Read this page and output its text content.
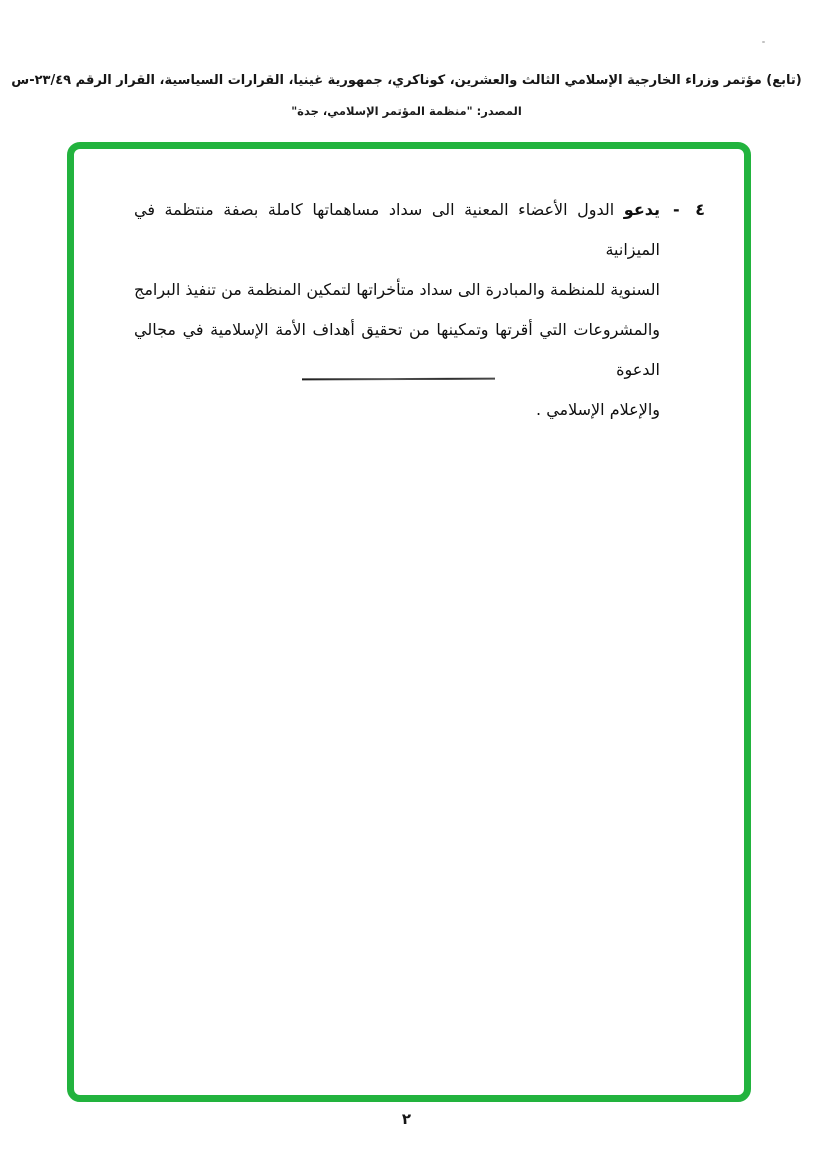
(تابع) مؤتمر وزراء الخارجية الإسلامي الثالث والعشرين، كوناكري، جمهورية غينيا، القرارات السياسية، القرار الرقم ٢٣/٤٩-س
المصدر: "منظمة المؤتمر الإسلامي، جدة"
٤ -
يدعو الدول الأعضاء المعنية الى سداد مساهماتها كاملة بصفة منتظمة في الميزانية
السنوية للمنظمة والمبادرة الى سداد متأخراتها لتمكين المنظمة من تنفيذ البرامج
والمشروعات التي أقرتها وتمكينها من تحقيق أهداف الأمة الإسلامية في مجالي الدعوة
والإعلام الإسلامي .
٢
